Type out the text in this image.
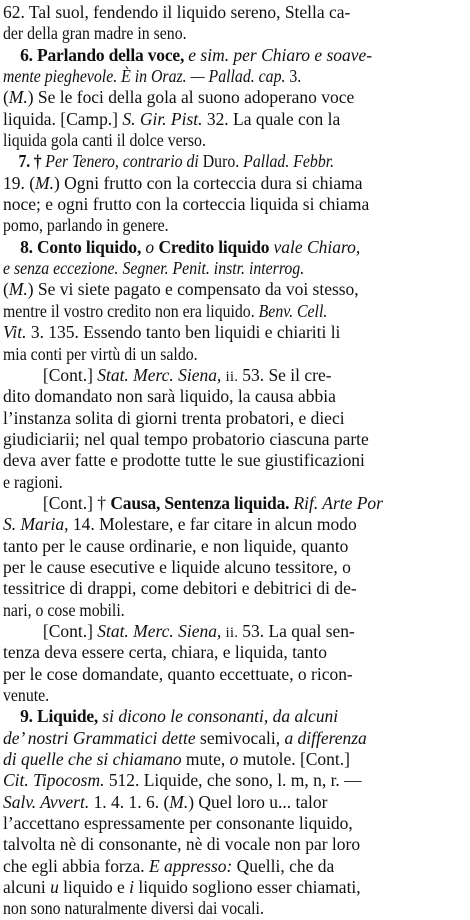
62. Tal suol, fendendo il liquido sereno, Stella ca-
der della gran madre in seno.
6. Parlando della voce, e sim. per Chiaro e soave-
mente pieghevole. È in Oraz. — Pallad. cap. 3.
(M.) Se le foci della gola al suono adoperano voce
liquida. [Camp.] S. Gir. Pist. 32. La quale con la
liquida gola canti il dolce verso.
7. † Per Tenero, contrario di Duro. Pallad. Febbr.
19. (M.) Ogni frutto con la corteccia dura si chiama
noce; e ogni frutto con la corteccia liquida si chiama
pomo, parlando in genere.
8. Conto liquido, o Credito liquido vale Chiaro,
e senza eccezione. Segner. Penit. instr. interrog.
(M.) Se vi siete pagato e compensato da voi stesso,
mentre il vostro credito non era liquido. Benv. Cell.
Vit. 3. 135. Essendo tanto ben liquidi e chiariti li
mia conti per virtù di un saldo.
[Cont.] Stat. Merc. Siena, ii. 53. Se il cre-
dito domandato non sarà liquido, la causa abbia
l’instanza solita di giorni trenta probatori, e dieci
giudiciarii; nel qual tempo probatorio ciascuna parte
deva aver fatte e prodotte tutte le sue giustificazioni
e ragioni.
[Cont.] † Causa, Sentenza liquida. Rif. Arte Por
S. Maria, 14. Molestare, e far citare in alcun modo
tanto per le cause ordinarie, e non liquide, quanto
per le cause esecutive e liquide alcuno tessitore, o
tessitrice di drappi, come debitori e debitrici di de-
nari, o cose mobili.
[Cont.] Stat. Merc. Siena, ii. 53. La qual sen-
tenza deva essere certa, chiara, e liquida, tanto
per le cose domandate, quanto eccettuate, o ricon-
venute.
9. Liquide, si dicono le consonanti, da alcuni
de’ nostri Grammatici dette semivocali, a differenza
di quelle che si chiamano mute, o mutole. [Cont.]
Cit. Tipocosm. 512. Liquide, che sono, l. m, n, r. —
Salv. Avvert. 1. 4. 1. 6. (M.) Quel loro u... talor
l’accettano espressamente per consonante liquido,
talvolta nè di consonante, nè di vocale non par loro
che egli abbia forza. E appresso: Quelli, che da
alcuni u liquido e i liquido sogliono esser chiamati,
non sono naturalmente diversi dai vocali.
